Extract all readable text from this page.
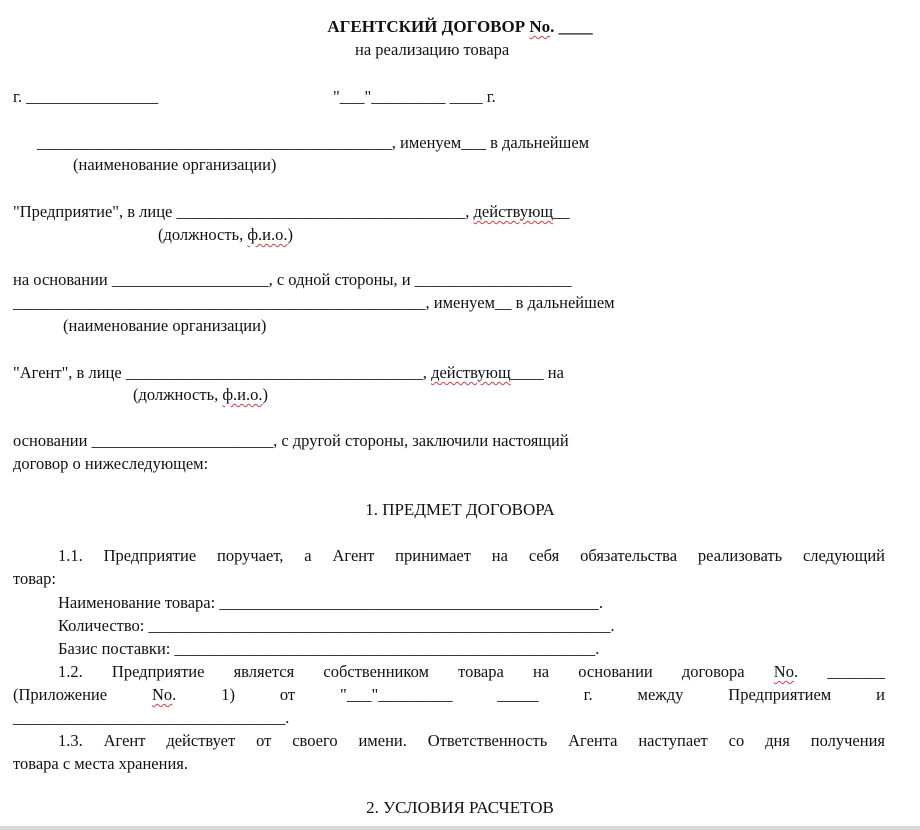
АГЕНТСКИЙ ДОГОВОР No. ____
на реализацию товара
г. ________________	"___"_________ ____ г.
___________________________________________, именуем___ в дальнейшем
(наименование организации)
"Предприятие", в лице ___________________________________, действующ__
(должность, ф.и.о.)
на основании ___________________, с одной стороны, и ___________________
__________________________________________________, именуем__ в дальнейшем
(наименование организации)
"Агент", в лице ____________________________________, действующ____ на
(должность, ф.и.о.)
основании ______________________, с другой стороны, заключили настоящий
договор о нижеследующем:
1. ПРЕДМЕТ ДОГОВОРА
1.1. Предприятие поручает, а Агент принимает на себя обязательства реализовать следующий
товар:
Наименование товара: ______________________________________________.
Количество: ________________________________________________________.
Базис поставки: ___________________________________________________.
1.2. Предприятие является собственником товара на основании договора No. _______
(Приложение No. 1) от "___"_________ _____ г. между Предприятием и
_________________________________.
1.3. Агент действует от своего имени. Ответственность Агента наступает со дня получения
товара с места хранения.
2. УСЛОВИЯ РАСЧЕТОВ
